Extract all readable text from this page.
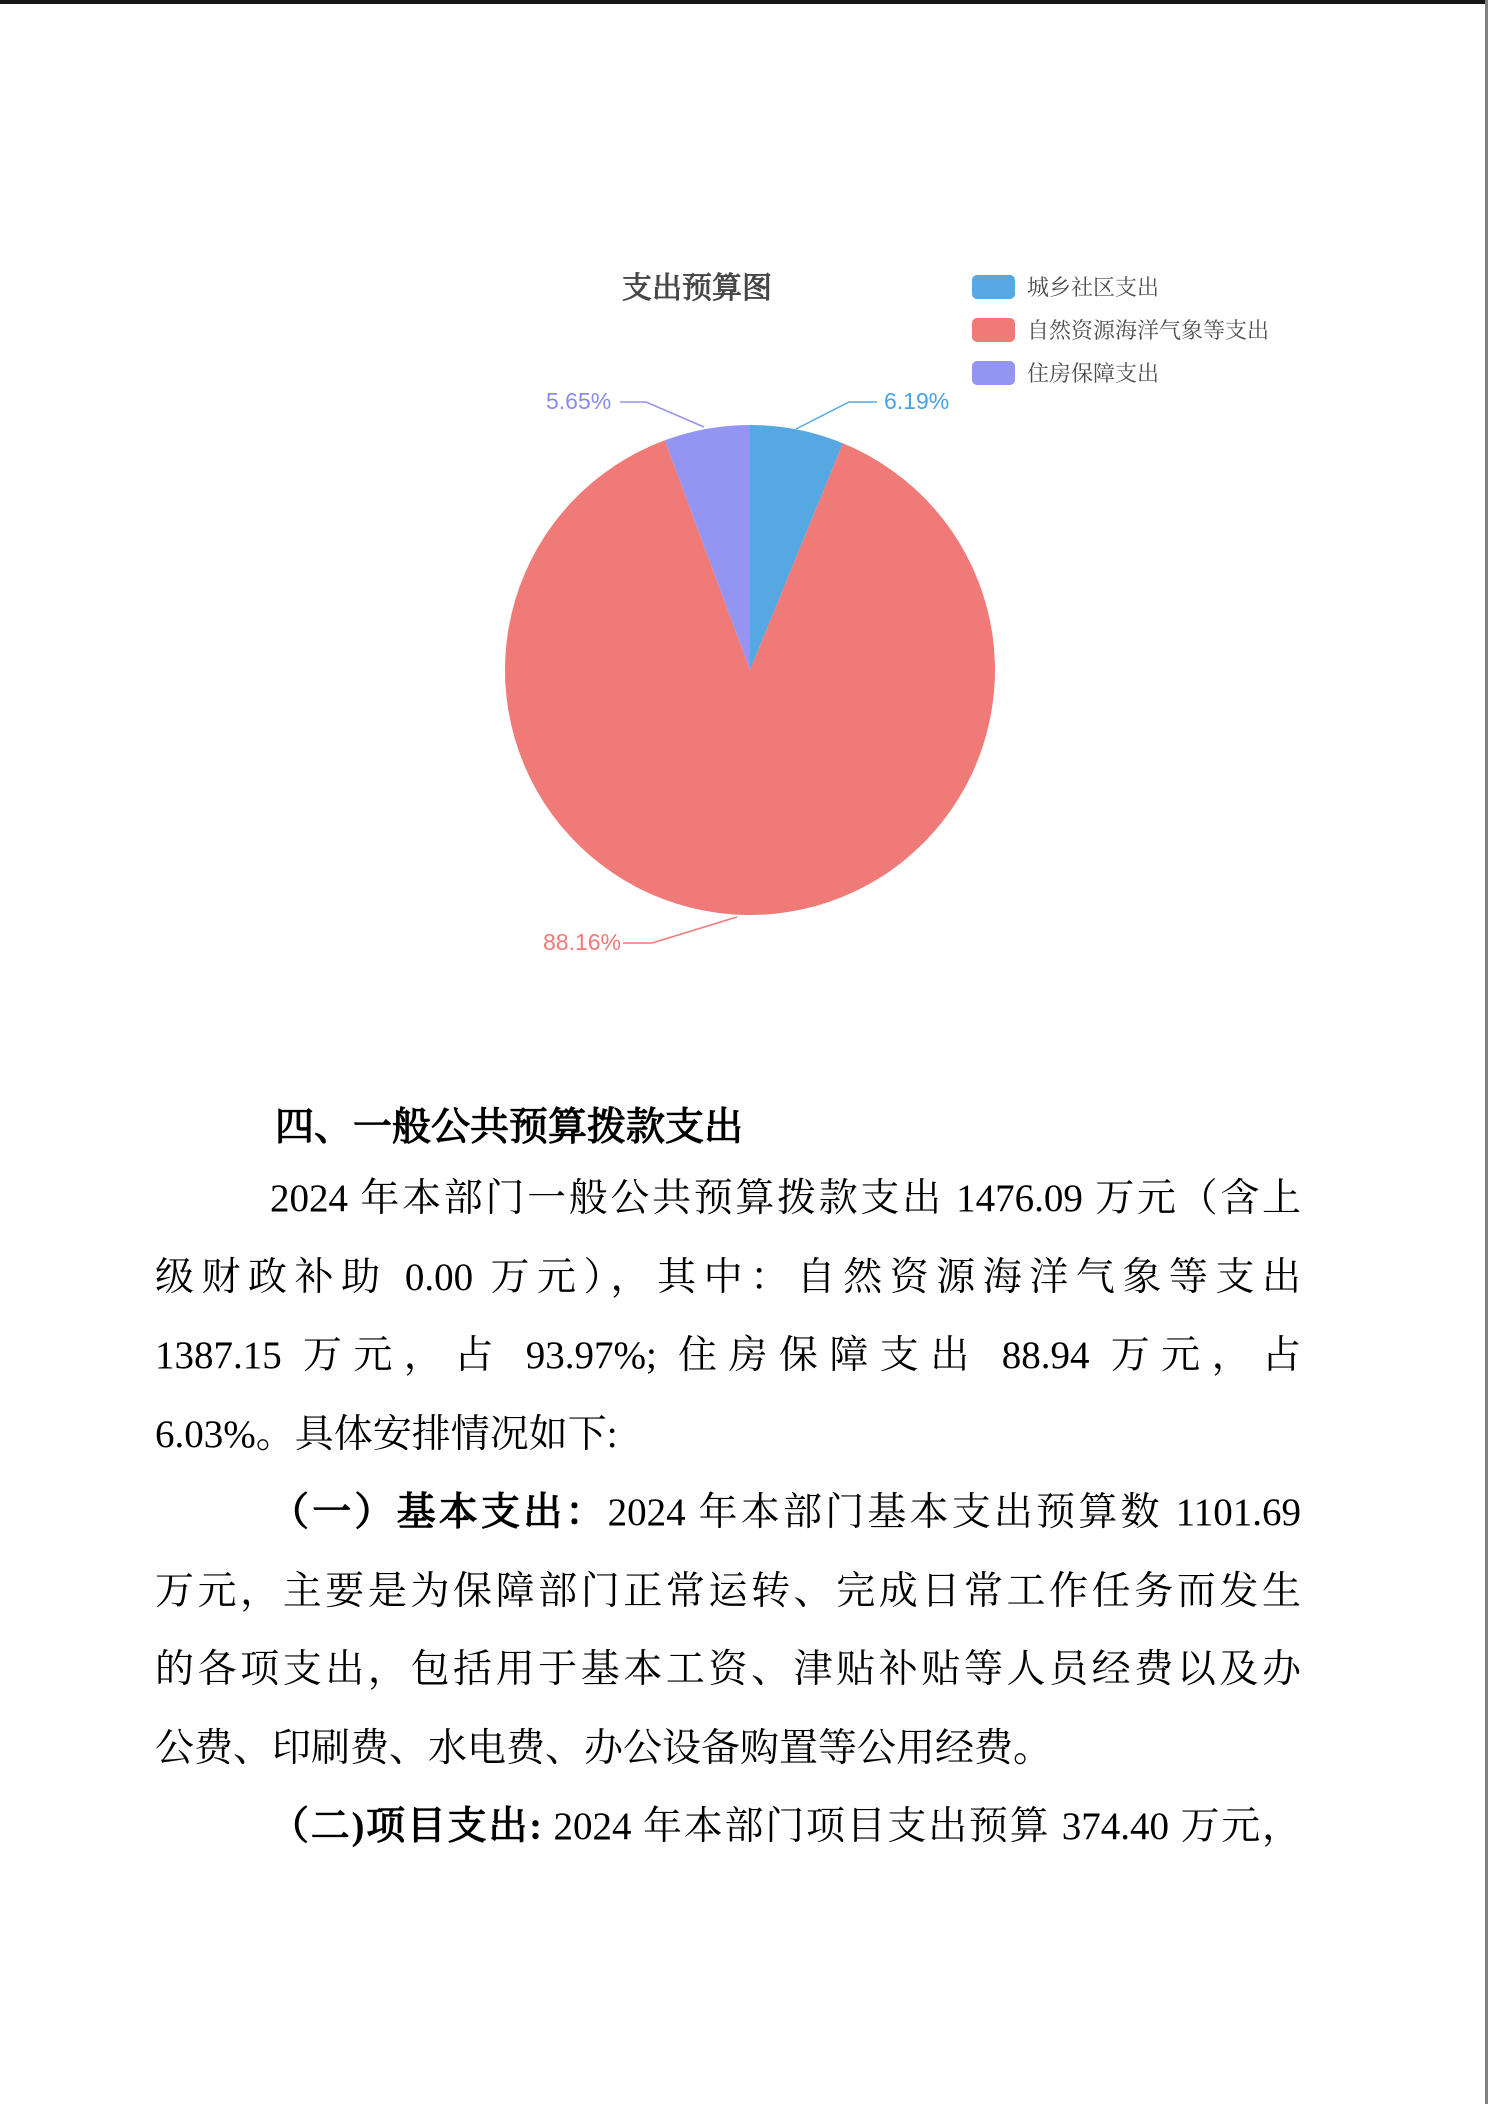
支出预算图	城乡社区支出
自然资源海洋气象等支出
住房保障支出
6.19%
88.16%
5.65%
四、一般公共预算拨款支出
2024 年本部门一般公共预算拨款支出 1476.09 万元（含上
级财政补助 0.00 万元），其中：自然资源海洋气象等支出
1387.15 万元，占 93.97%; 住房保障支出 88.94 万元，占
6.03%。具体安排情况如下:
（一）基本支出：2024 年本部门基本支出预算数 1101.69
万元，主要是为保障部门正常运转、完成日常工作任务而发生
的各项支出，包括用于基本工资、津贴补贴等人员经费以及办
公费、印刷费、水电费、办公设备购置等公用经费。
（二)项目支出: 2024 年本部门项目支出预算 374.40 万元，
